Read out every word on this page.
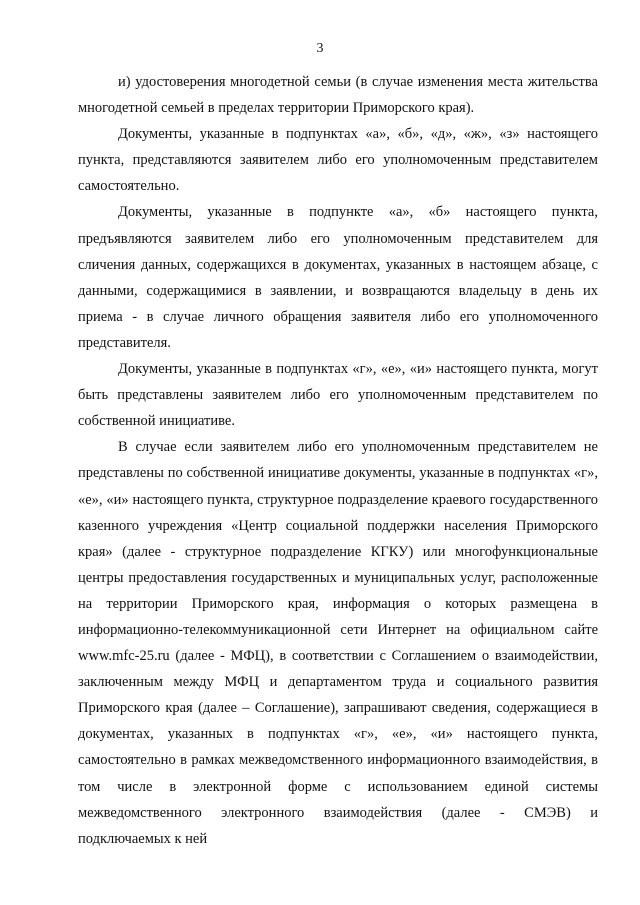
3

и) удостоверения многодетной семьи (в случае изменения места жительства многодетной семьей в пределах территории Приморского края).

Документы, указанные в подпунктах «а», «б», «д», «ж», «з» настоящего пункта, представляются заявителем либо его уполномоченным представителем самостоятельно.

Документы, указанные в подпункте «а», «б» настоящего пункта, предъявляются заявителем либо его уполномоченным представителем для сличения данных, содержащихся в документах, указанных в настоящем абзаце, с данными, содержащимися в заявлении, и возвращаются владельцу в день их приема - в случае личного обращения заявителя либо его уполномоченного представителя.

Документы, указанные в подпунктах «г», «е», «и» настоящего пункта, могут быть представлены заявителем либо его уполномоченным представителем по собственной инициативе.

В случае если заявителем либо его уполномоченным представителем не представлены по собственной инициативе документы, указанные в подпунктах «г», «е», «и» настоящего пункта, структурное подразделение краевого государственного казенного учреждения «Центр социальной поддержки населения Приморского края» (далее - структурное подразделение КГКУ) или многофункциональные центры предоставления государственных и муниципальных услуг, расположенные на территории Приморского края, информация о которых размещена в информационно-телекоммуникационной сети Интернет на официальном сайте www.mfc-25.ru (далее - МФЦ), в соответствии с Соглашением о взаимодействии, заключенным между МФЦ и департаментом труда и социального развития Приморского края (далее – Соглашение), запрашивают сведения, содержащиеся в документах, указанных в подпунктах «г», «е», «и» настоящего пункта, самостоятельно в рамках межведомственного информационного взаимодействия, в том числе в электронной форме с использованием единой системы межведомственного электронного взаимодействия (далее - СМЭВ) и подключаемых к ней
